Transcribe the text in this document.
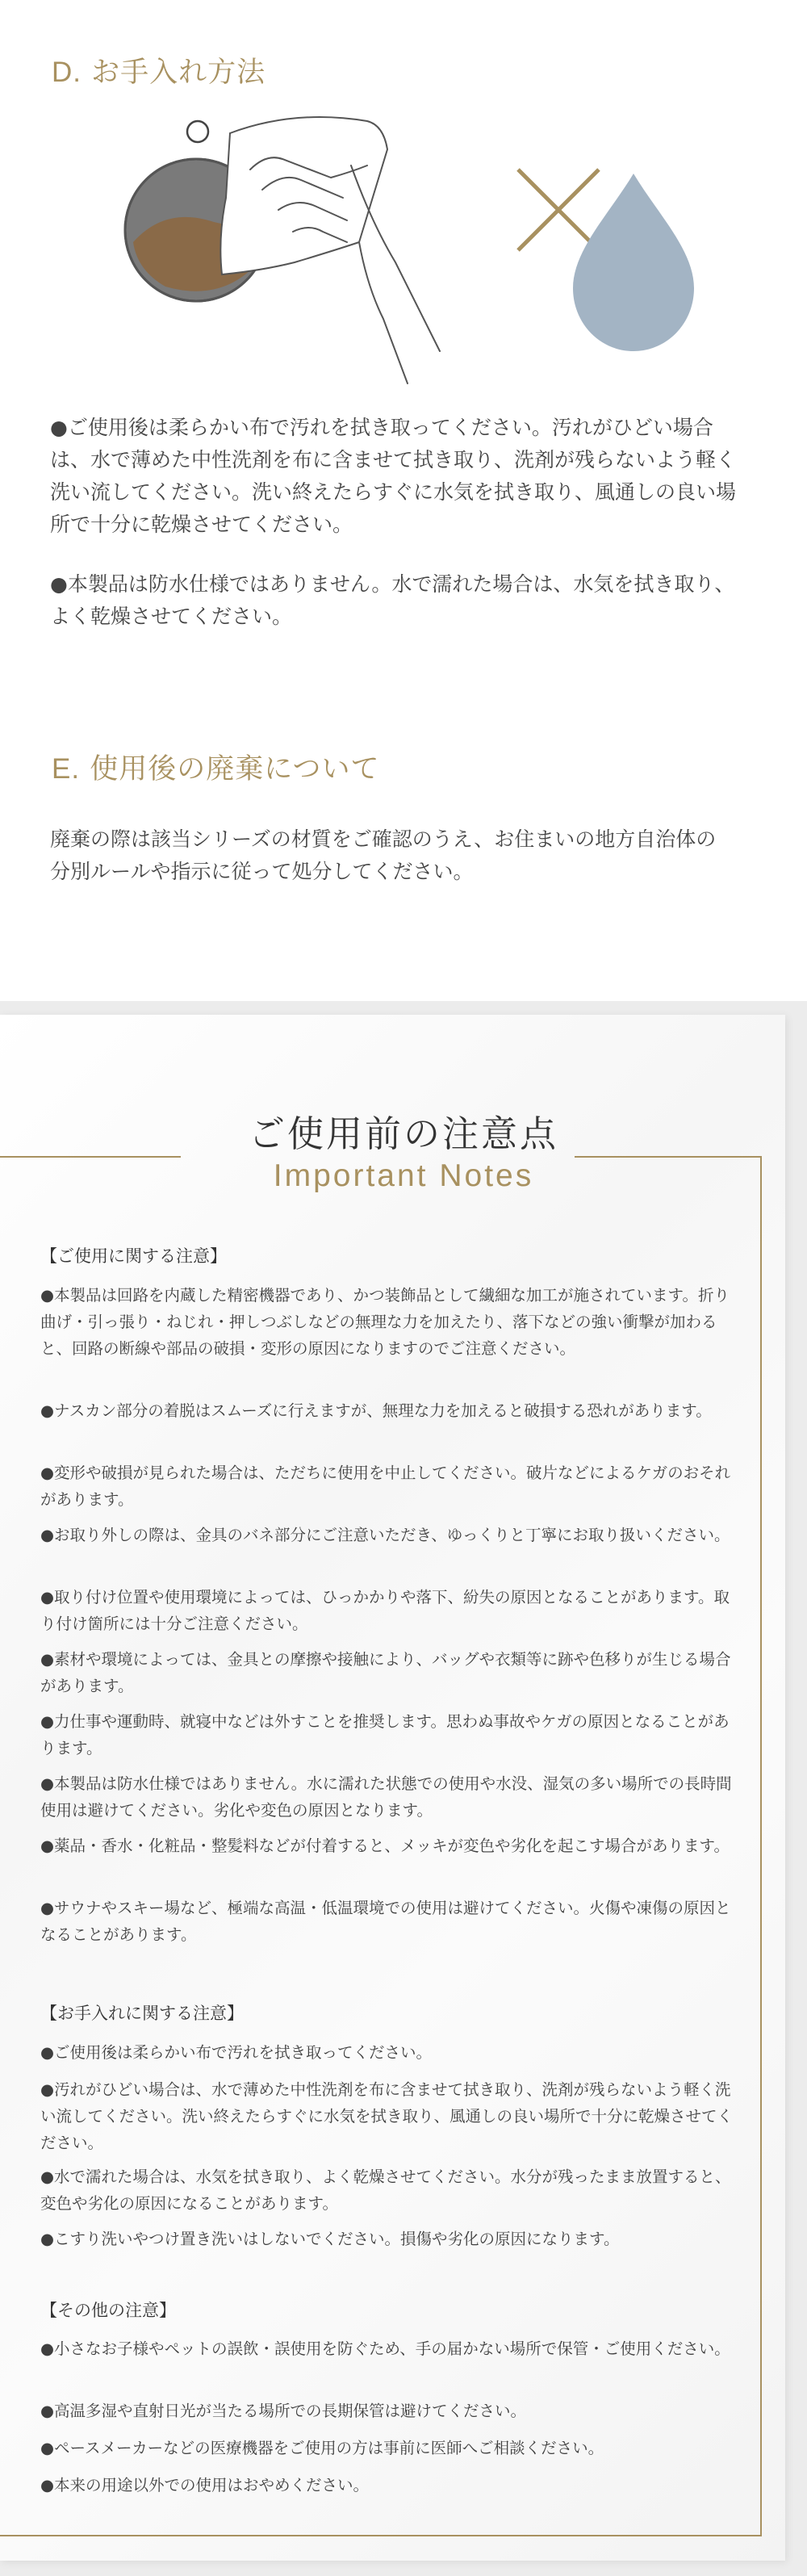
D. お手入れ方法
●ご使用後は柔らかい布で汚れを拭き取ってください。汚れがひどい場合は、水で薄めた中性洗剤を布に含ませて拭き取り、洗剤が残らないよう軽く洗い流してください。洗い終えたらすぐに水気を拭き取り、風通しの良い場所で十分に乾燥させてください。
●本製品は防水仕様ではありません。水で濡れた場合は、水気を拭き取り、よく乾燥させてください。
E. 使用後の廃棄について
廃棄の際は該当シリーズの材質をご確認のうえ、お住まいの地方自治体の分別ルールや指示に従って処分してください。
ご使用前の注意点
Important Notes
【ご使用に関する注意】
●本製品は回路を内蔵した精密機器であり、かつ装飾品として繊細な加工が施されています。折り曲げ・引っ張り・ねじれ・押しつぶしなどの無理な力を加えたり、落下などの強い衝撃が加わると、回路の断線や部品の破損・変形の原因になりますのでご注意ください。
●ナスカン部分の着脱はスムーズに行えますが、無理な力を加えると破損する恐れがあります。
●変形や破損が見られた場合は、ただちに使用を中止してください。破片などによるケガのおそれがあります。
●お取り外しの際は、金具のバネ部分にご注意いただき、ゆっくりと丁寧にお取り扱いください。
●取り付け位置や使用環境によっては、ひっかかりや落下、紛失の原因となることがあります。取り付け箇所には十分ご注意ください。
●素材や環境によっては、金具との摩擦や接触により、バッグや衣類等に跡や色移りが生じる場合があります。
●力仕事や運動時、就寝中などは外すことを推奨します。思わぬ事故やケガの原因となることがあります。
●本製品は防水仕様ではありません。水に濡れた状態での使用や水没、湿気の多い場所での長時間使用は避けてください。劣化や変色の原因となります。
●薬品・香水・化粧品・整髪料などが付着すると、メッキが変色や劣化を起こす場合があります。
●サウナやスキー場など、極端な高温・低温環境での使用は避けてください。火傷や凍傷の原因となることがあります。
【お手入れに関する注意】
●ご使用後は柔らかい布で汚れを拭き取ってください。
●汚れがひどい場合は、水で薄めた中性洗剤を布に含ませて拭き取り、洗剤が残らないよう軽く洗い流してください。洗い終えたらすぐに水気を拭き取り、風通しの良い場所で十分に乾燥させてください。
●水で濡れた場合は、水気を拭き取り、よく乾燥させてください。水分が残ったまま放置すると、変色や劣化の原因になることがあります。
●こすり洗いやつけ置き洗いはしないでください。損傷や劣化の原因になります。
【その他の注意】
●小さなお子様やペットの誤飲・誤使用を防ぐため、手の届かない場所で保管・ご使用ください。
●高温多湿や直射日光が当たる場所での長期保管は避けてください。
●ペースメーカーなどの医療機器をご使用の方は事前に医師へご相談ください。
●本来の用途以外での使用はおやめください。
